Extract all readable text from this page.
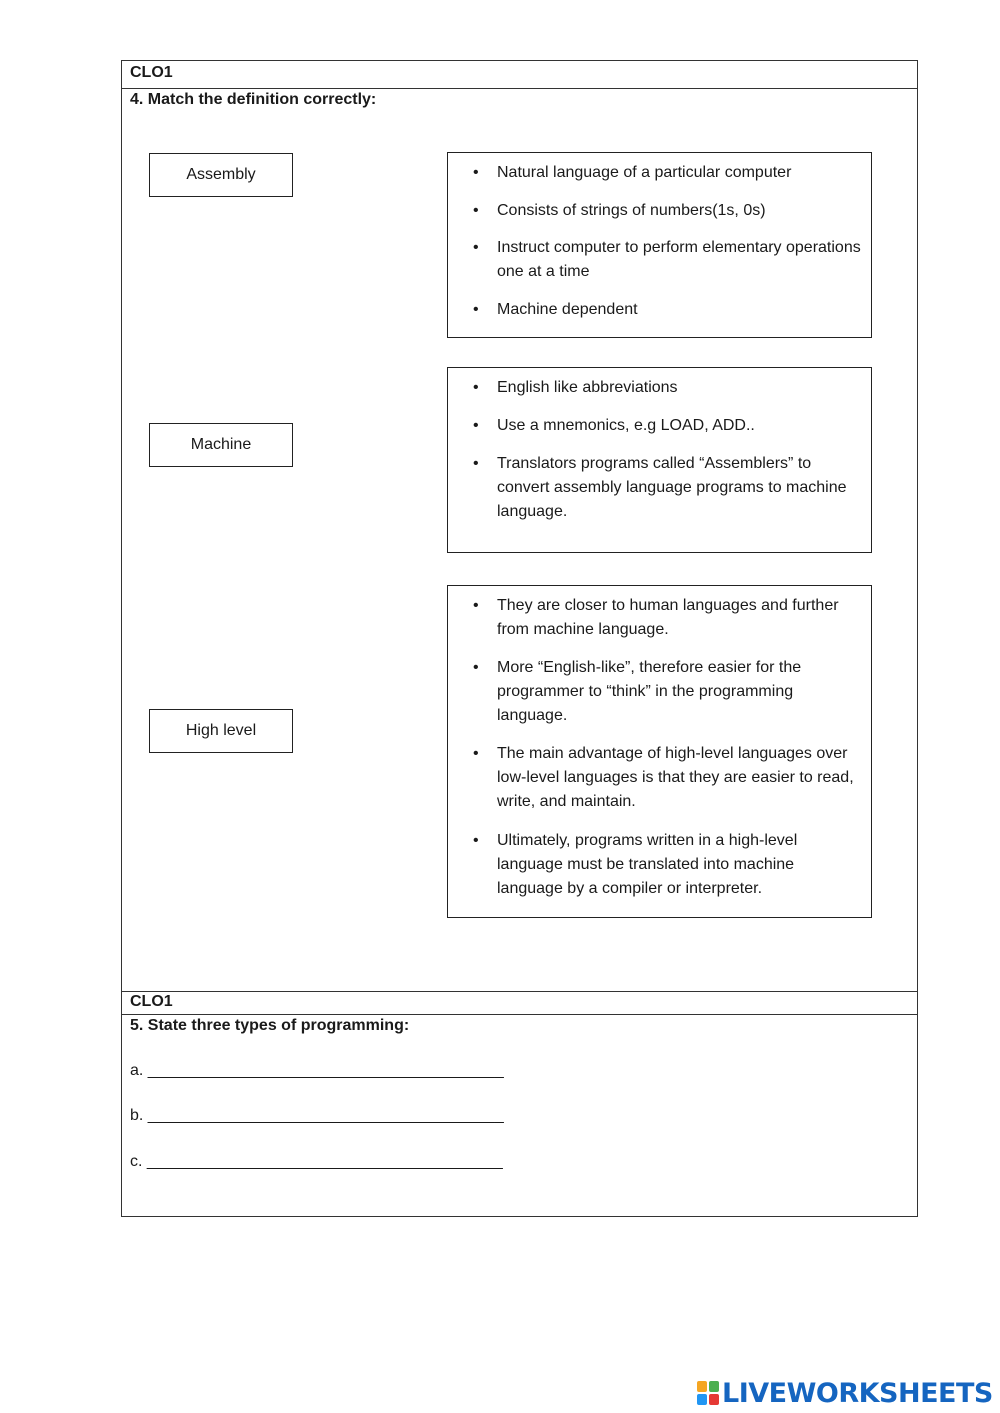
CLO1
4. Match the definition correctly:
CLO1
5. State three types of programming:
a. ________________________________________
b. ________________________________________
c. ________________________________________
Assembly
Machine
High level
• Natural language of a particular computer
• Consists of strings of numbers(1s, 0s)
• Instruct computer to perform elementary operations one at a time
• Machine dependent
• English like abbreviations
• Use a mnemonics, e.g LOAD, ADD..
• Translators programs called “Assemblers” to convert assembly language programs to machine language.
• They are closer to human languages and further from machine language.
• More “English-like”, therefore easier for the programmer to “think” in the programming language.
• The main advantage of high-level languages over low-level languages is that they are easier to read, write, and maintain.
• Ultimately, programs written in a high-level language must be translated into machine language by a compiler or interpreter.
LIVEWORKSHEETS
